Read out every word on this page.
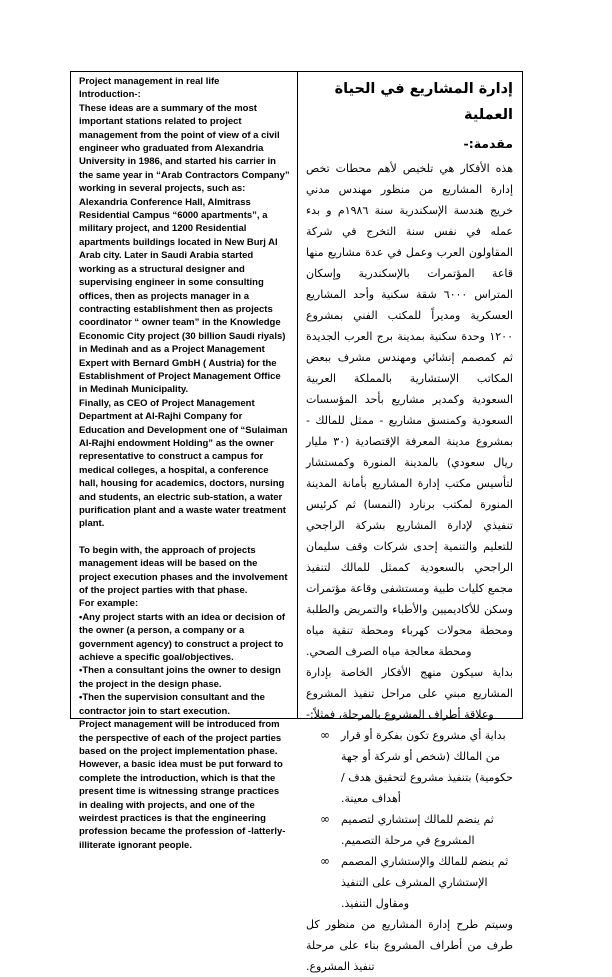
Project management in real life

Introduction-:

These ideas are a summary of the most important stations related to project management from the point of view of a civil engineer who graduated from Alexandria University in 1986, and started his carrier in the same year in “Arab Contractors Company” working in several projects, such as: Alexandria Conference Hall, Almitrass Residential Campus “6000 apartments”, a military project, and 1200 Residential apartments buildings located in New Burj Al Arab city. Later in Saudi Arabia started working as a structural designer and supervising engineer in some consulting offices, then as projects manager in a contracting establishment then as projects coordinator “ owner team” in the Knowledge Economic City project (30 billion Saudi riyals) in Medinah and as a Project Management Expert with Bernard GmbH ( Austria) for the Establishment of Project Management Office in Medinah Municipality.

Finally, as CEO of Project Management Department at Al-Rajhi Company for Education and Development one of “Sulaiman Al-Rajhi endowment Holding” as the owner representative to construct a campus for medical colleges, a hospital, a conference hall, housing for academics, doctors, nursing and students, an electric sub-station, a water purification plant and a waste water treatment plant.

To begin with, the approach of projects management ideas will be based on the project execution phases and the involvement of the project parties with that phase.

For example:

•Any project starts with an idea or decision of the owner (a person, a company or a government agency) to construct a project to achieve a specific goal/objectives.

•Then a consultant joins the owner to design the project in the design phase.

•Then the supervision consultant and the contractor join to start execution.

Project management will be introduced from the perspective of each of the project parties based on the project implementation phase.

However, a basic idea must be put forward to complete the introduction, which is that the present time is witnessing strange practices in dealing with projects, and one of the weirdest practices is that the engineering profession became the profession of -latterly- illiterate ignorant people.

إدارة المشاريع في الحياة العملية

مقدمة:-

هذه الأفكار هي تلخيص لأهم محطات تخص إدارة المشاريع من منظور مهندس مدني خريج هندسة الإسكندرية سنة ١٩٨٦م و بدء عمله في نفس سنة التخرج في شركة المقاولون العرب وعمل في عدة مشاريع منها قاعة المؤتمرات بالإسكندرية وإسكان المتراس ٦٠٠٠ شقة سكنية وأحد المشاريع العسكرية ومديراً للمكتب الفني بمشروع ١٢٠٠ وحدة سكنية بمدينة برج العرب الجديدة ثم كمصمم إنشائي ومهندس مشرف ببعض المكاتب الإستشارية بالمملكة العربية السعودية وكمدير مشاريع بأحد المؤسسات السعودية وكمنسق مشاريع - ممثل للمالك - بمشروع مدينة المعرفة الإقتصادية (٣٠ مليار ريال سعودي) بالمدينة المنورة وكمستشار لتأسيس مكتب إدارة المشاريع بأمانة المدينة المنورة لمكتب برنارد (النمسا) ثم كرئيس تنفيذي لإدارة المشاريع بشركة الراجحي للتعليم والتنمية إحدى شركات وقف سليمان الراجحي بالسعودية كممثل للمالك لتنفيذ مجمع كليات طبية ومستشفى وقاعة مؤتمرات وسكن للأكاديميين والأطباء والتمريض والطلبة ومحطة محولات كهرباء ومحطة تنقية مياه ومحطة معالجة مياه الصرف الصحي.

بداية سيكون منهج الأفكار الخاصة بإدارة المشاريع مبني على مراحل تنفيذ المشروع وعلاقة أطراف المشروع بالمرحلة، فمثلاً:-

∞ بداية أي مشروع تكون بفكرة أو قرار من المالك (شخص أو شركة أو جهة حكومية) بتنفيذ مشروع لتحقيق هدف / أهداف معينة.
∞ ثم ينضم للمالك إستشاري لتصميم المشروع في مرحلة التصميم.
∞ ثم ينضم للمالك والإستشاري المصمم الإستشاري المشرف على التنفيذ ومقاول التنفيذ.

وسيتم طرح إدارة المشاريع من منظور كل طرف من أطراف المشروع بناء على مرحلة تنفيذ المشروع.
